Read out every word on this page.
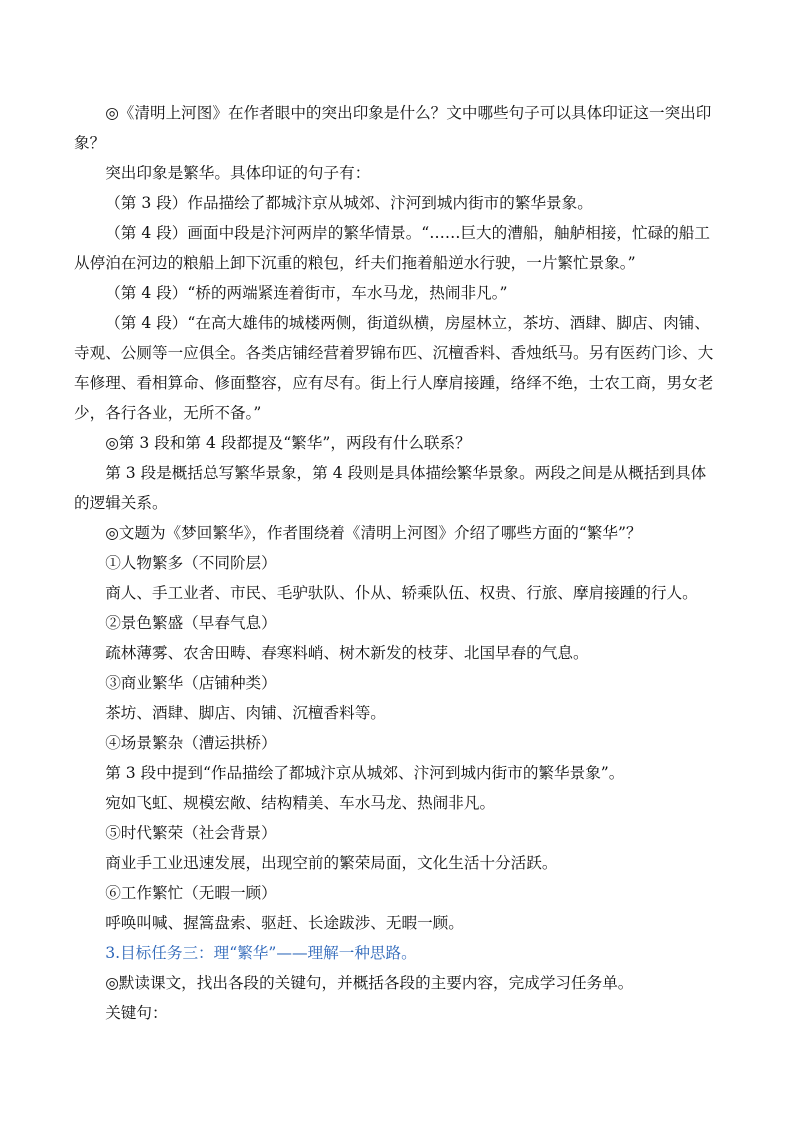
◎《清明上河图》在作者眼中的突出印象是什么？文中哪些句子可以具体印证这一突出印象？

突出印象是繁华。具体印证的句子有：

（第 3 段）作品描绘了都城汴京从城郊、汴河到城内街市的繁华景象。

（第 4 段）画面中段是汴河两岸的繁华情景。“……巨大的漕船，舳舻相接，忙碌的船工从停泊在河边的粮船上卸下沉重的粮包，纤夫们拖着船逆水行驶，一片繁忙景象。”

（第 4 段）“桥的两端紧连着街市，车水马龙，热闹非凡。”

（第 4 段）“在高大雄伟的城楼两侧，街道纵横，房屋林立，茶坊、酒肆、脚店、肉铺、寺观、公厕等一应俱全。各类店铺经营着罗锦布匹、沉檀香料、香烛纸马。另有医药门诊、大车修理、看相算命、修面整容，应有尽有。街上行人摩肩接踵，络绎不绝，士农工商，男女老少，各行各业，无所不备。”

◎第 3 段和第 4 段都提及“繁华”，两段有什么联系？

第 3 段是概括总写繁华景象，第 4 段则是具体描绘繁华景象。两段之间是从概括到具体的逻辑关系。

◎文题为《梦回繁华》，作者围绕着《清明上河图》介绍了哪些方面的“繁华”？

①人物繁多（不同阶层）

商人、手工业者、市民、毛驴驮队、仆从、轿乘队伍、权贵、行旅、摩肩接踵的行人。

②景色繁盛（早春气息）

疏林薄雾、农舍田畴、春寒料峭、树木新发的枝芽、北国早春的气息。

③商业繁华（店铺种类）

茶坊、酒肆、脚店、肉铺、沉檀香料等。

④场景繁杂（漕运拱桥）

第 3 段中提到“作品描绘了都城汴京从城郊、汴河到城内街市的繁华景象”。

宛如飞虹、规模宏敞、结构精美、车水马龙、热闹非凡。

⑤时代繁荣（社会背景）

商业手工业迅速发展，出现空前的繁荣局面，文化生活十分活跃。

⑥工作繁忙（无暇一顾）

呼唤叫喊、握篙盘索、驱赶、长途跋涉、无暇一顾。

3.目标任务三：理“繁华”——理解一种思路。

◎默读课文，找出各段的关键句，并概括各段的主要内容，完成学习任务单。

关键句：
